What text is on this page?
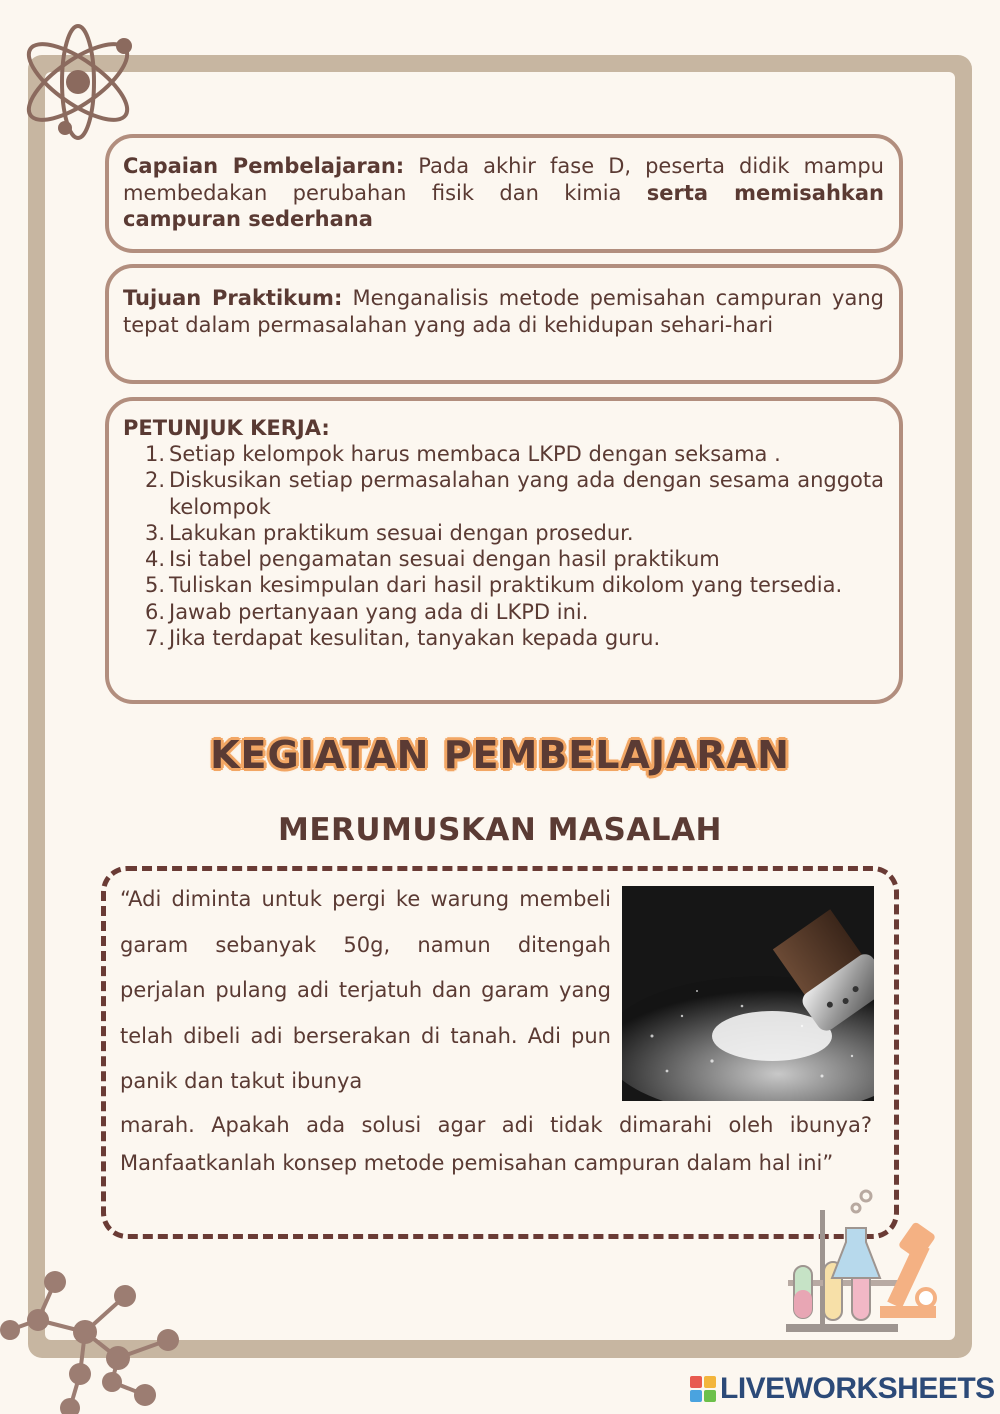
Capaian Pembelajaran: Pada akhir fase D, peserta didik mampu membedakan perubahan fisik dan kimia serta memisahkan campuran sederhana
Tujuan Praktikum: Menganalisis metode pemisahan campuran yang tepat dalam permasalahan yang ada di kehidupan sehari-hari
PETUNJUK KERJA:
1. Setiap kelompok harus membaca LKPD dengan seksama .
2. Diskusikan setiap permasalahan yang ada dengan sesama anggota kelompok
3. Lakukan praktikum sesuai dengan prosedur.
4. Isi tabel pengamatan sesuai dengan hasil praktikum
5. Tuliskan kesimpulan dari hasil praktikum dikolom yang tersedia.
6. Jawab pertanyaan yang ada di LKPD ini.
7. Jika terdapat kesulitan, tanyakan kepada guru.
KEGIATAN PEMBELAJARAN
MERUMUSKAN MASALAH
“Adi diminta untuk pergi ke warung membeli garam sebanyak 50g, namun ditengah perjalan pulang adi terjatuh dan garam yang telah dibeli adi berserakan di tanah. Adi pun panik dan takut ibunya
marah. Apakah ada solusi agar adi tidak dimarahi oleh ibunya? Manfaatkanlah konsep metode pemisahan campuran dalam hal ini”
LIVEWORKSHEETS
